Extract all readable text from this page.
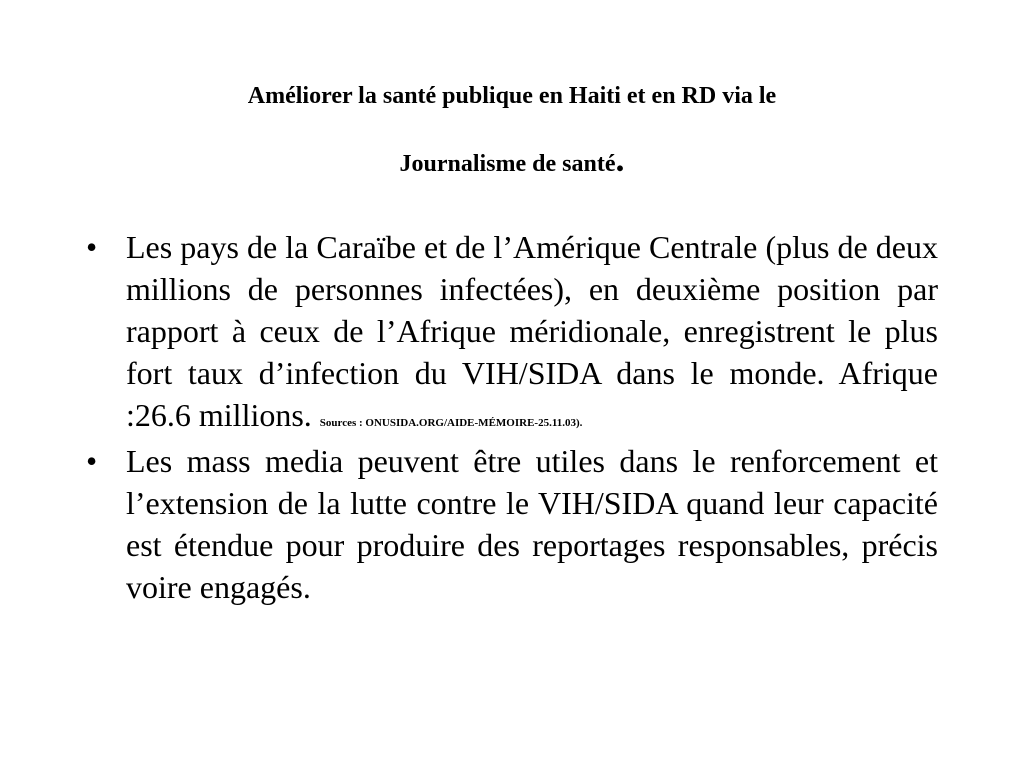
Améliorer la santé publique en Haiti et en RD via le
Journalisme de santé.
• Les pays de la Caraïbe et de l’Amérique Centrale (plus de deux millions de personnes infectées), en deuxième position par rapport à ceux de l’Afrique méridionale, enregistrent le plus fort taux d’infection du VIH/SIDA dans le monde. Afrique :26.6 millions. Sources : ONUSIDA.ORG/AIDE-MÉMOIRE-25.11.03).
• Les mass media peuvent être utiles dans le renforcement et l’extension de la lutte contre le VIH/SIDA quand leur capacité est étendue pour produire des reportages responsables, précis voire engagés.
